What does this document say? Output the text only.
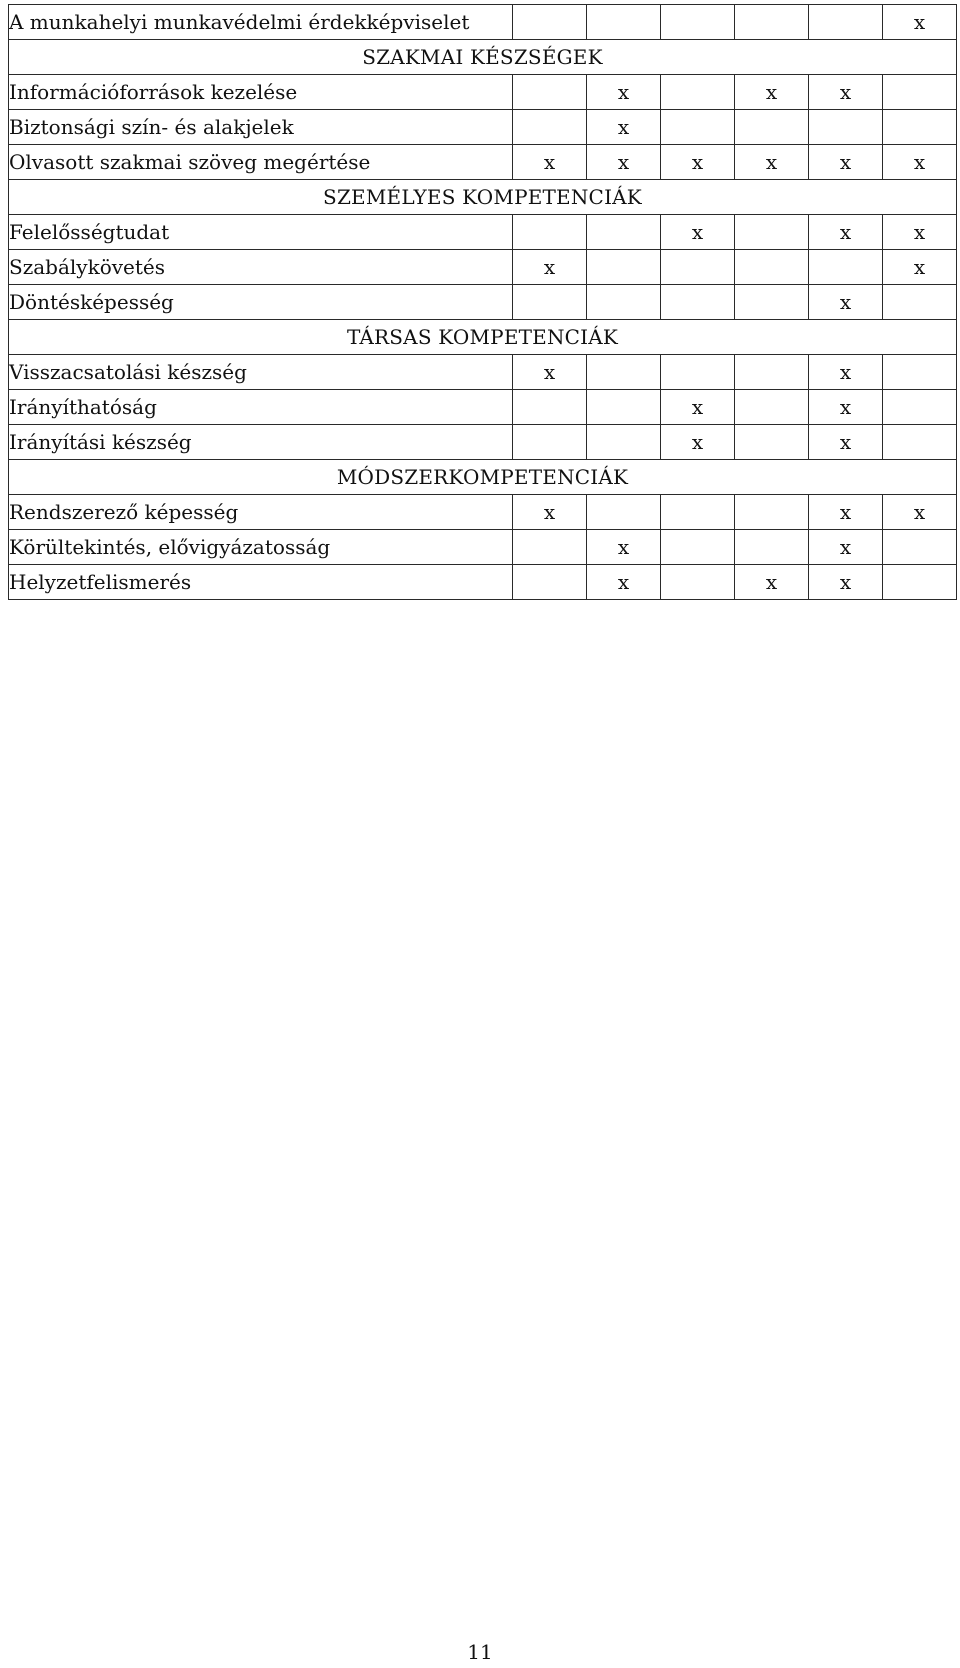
A munkahelyi munkavédelmi érdekképviselet						x
SZAKMAI KÉSZSÉGEK						
Információforrások kezelése		x		x	x	
Biztonsági szín- és alakjelek		x				
Olvasott szakmai szöveg megértése	x	x	x	x	x	x
SZEMÉLYES KOMPETENCIÁK						
Felelősségtudat			x		x	x
Szabálykövetés	x					x
Döntésképesség					x	
TÁRSAS KOMPETENCIÁK						
Visszacsatolási készség	x				x	
Irányíthatóság			x		x	
Irányítási készség			x		x	
MÓDSZERKOMPETENCIÁK						
Rendszerező képesség	x				x	x
Körültekintés, elővigyázatosság		x			x	
Helyzetfelismerés		x		x	x	
11
